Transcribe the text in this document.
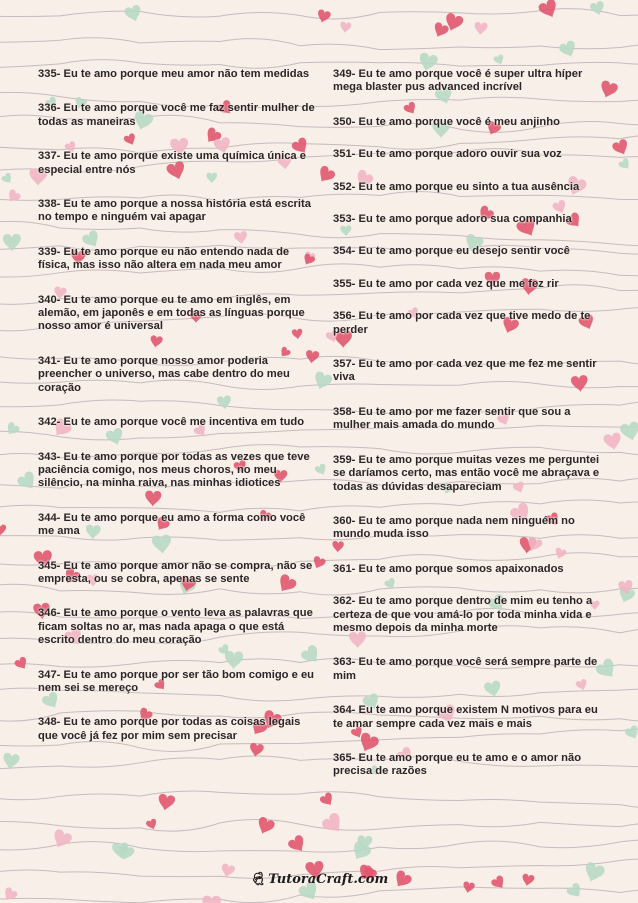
335- Eu te amo porque meu amor não tem medidas

336- Eu te amo porque você me faz sentir mulher de todas as maneiras

337- Eu te amo porque existe uma química única e especial entre nós

338- Eu te amo porque a nossa história está escrita no tempo e ninguém vai apagar

339- Eu te amo porque eu não entendo nada de física, mas isso não altera em nada meu amor

340- Eu te amo porque eu te amo em inglês, em alemão, em japonês e em todas as línguas porque nosso amor é universal

341- Eu te amo porque nosso amor poderia preencher o universo, mas cabe dentro do meu coração

342- Eu te amo porque você me incentiva em tudo

343- Eu te amo porque por todas as vezes que teve paciência comigo, nos meus choros, no meu silêncio, na minha raiva, nas minhas idiotices

344- Eu te amo porque eu amo a forma como você me ama

345- Eu te amo porque amor não se compra, não se empresta, ou se cobra, apenas se sente

346- Eu te amo porque o vento leva as palavras que ficam soltas no ar, mas nada apaga o que está escrito dentro do meu coração

347- Eu te amo porque por ser tão bom comigo e eu nem sei se mereço

348- Eu te amo porque por todas as coisas legais que você já fez por mim sem precisar

349- Eu te amo porque você é super ultra híper mega blaster pus advanced incrível

350- Eu te amo porque você é meu anjinho

351- Eu te amo porque adoro ouvir sua voz

352- Eu te amo porque eu sinto a tua ausência

353- Eu te amo porque adoro sua companhia

354- Eu te amo porque eu desejo sentir você

355- Eu te amo por cada vez que me fez rir

356- Eu te amo por cada vez que tive medo de te perder

357- Eu te amo por cada vez que me fez me sentir viva

358- Eu te amo por me fazer sentir que sou a mulher mais amada do mundo

359- Eu te amo porque muitas vezes me perguntei se daríamos certo, mas então você me abraçava e todas as dúvidas desapareciam

360- Eu te amo porque nada nem ninguém no mundo muda isso

361- Eu te amo porque somos apaixonados

362- Eu te amo porque dentro de mim eu tenho a certeza de que vou amá-lo por toda minha vida e mesmo depois da minha morte

363- Eu te amo porque você será sempre parte de mim

364- Eu te amo porque existem N motivos para eu te amar sempre cada vez mais e mais

365- Eu te amo porque eu te amo e o amor não precisa de razões

💃︎ TutoraCraft.com
